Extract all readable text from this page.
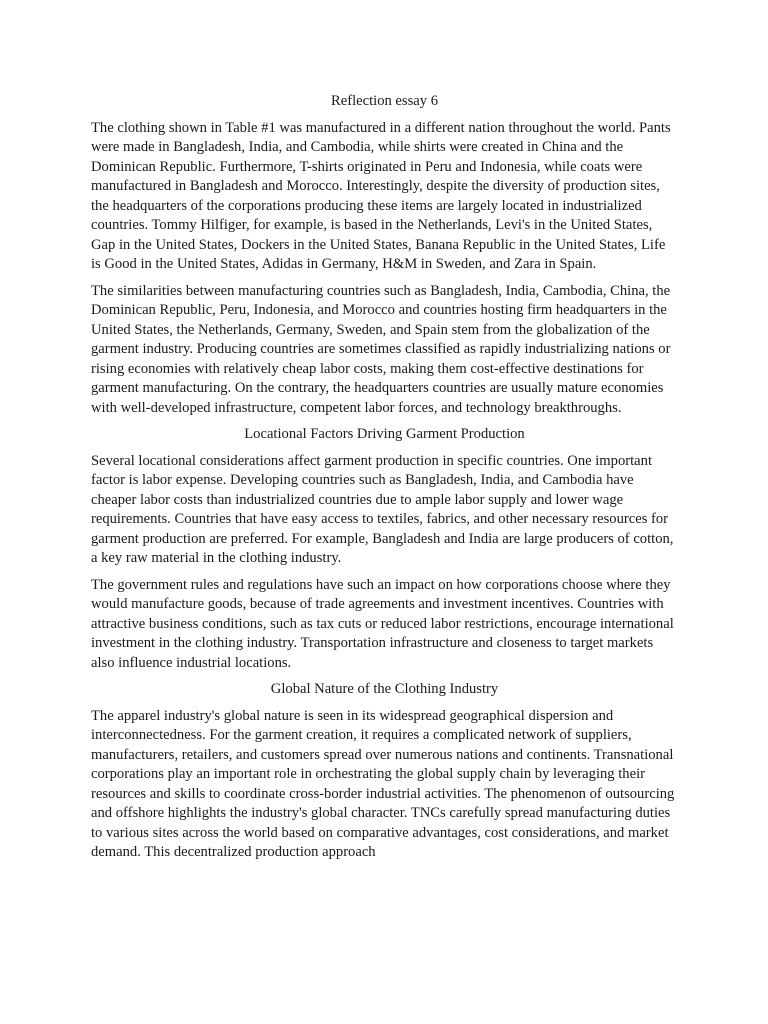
Reflection essay 6

The clothing shown in Table #1 was manufactured in a different nation throughout the world. Pants were made in Bangladesh, India, and Cambodia, while shirts were created in China and the Dominican Republic. Furthermore, T-shirts originated in Peru and Indonesia, while coats were manufactured in Bangladesh and Morocco. Interestingly, despite the diversity of production sites, the headquarters of the corporations producing these items are largely located in industrialized countries. Tommy Hilfiger, for example, is based in the Netherlands, Levi's in the United States, Gap in the United States, Dockers in the United States, Banana Republic in the United States, Life is Good in the United States, Adidas in Germany, H&M in Sweden, and Zara in Spain.

The similarities between manufacturing countries such as Bangladesh, India, Cambodia, China, the Dominican Republic, Peru, Indonesia, and Morocco and countries hosting firm headquarters in the United States, the Netherlands, Germany, Sweden, and Spain stem from the globalization of the garment industry. Producing countries are sometimes classified as rapidly industrializing nations or rising economies with relatively cheap labor costs, making them cost-effective destinations for garment manufacturing. On the contrary, the headquarters countries are usually mature economies with well-developed infrastructure, competent labor forces, and technology breakthroughs.

Locational Factors Driving Garment Production

Several locational considerations affect garment production in specific countries. One important factor is labor expense. Developing countries such as Bangladesh, India, and Cambodia have cheaper labor costs than industrialized countries due to ample labor supply and lower wage requirements. Countries that have easy access to textiles, fabrics, and other necessary resources for garment production are preferred. For example, Bangladesh and India are large producers of cotton, a key raw material in the clothing industry.

The government rules and regulations have such an impact on how corporations choose where they would manufacture goods, because of trade agreements and investment incentives. Countries with attractive business conditions, such as tax cuts or reduced labor restrictions, encourage international investment in the clothing industry. Transportation infrastructure and closeness to target markets also influence industrial locations.

Global Nature of the Clothing Industry

The apparel industry's global nature is seen in its widespread geographical dispersion and interconnectedness. For the garment creation, it requires a complicated network of suppliers, manufacturers, retailers, and customers spread over numerous nations and continents. Transnational corporations play an important role in orchestrating the global supply chain by leveraging their resources and skills to coordinate cross-border industrial activities. The phenomenon of outsourcing and offshore highlights the industry's global character. TNCs carefully spread manufacturing duties to various sites across the world based on comparative advantages, cost considerations, and market demand. This decentralized production approach
